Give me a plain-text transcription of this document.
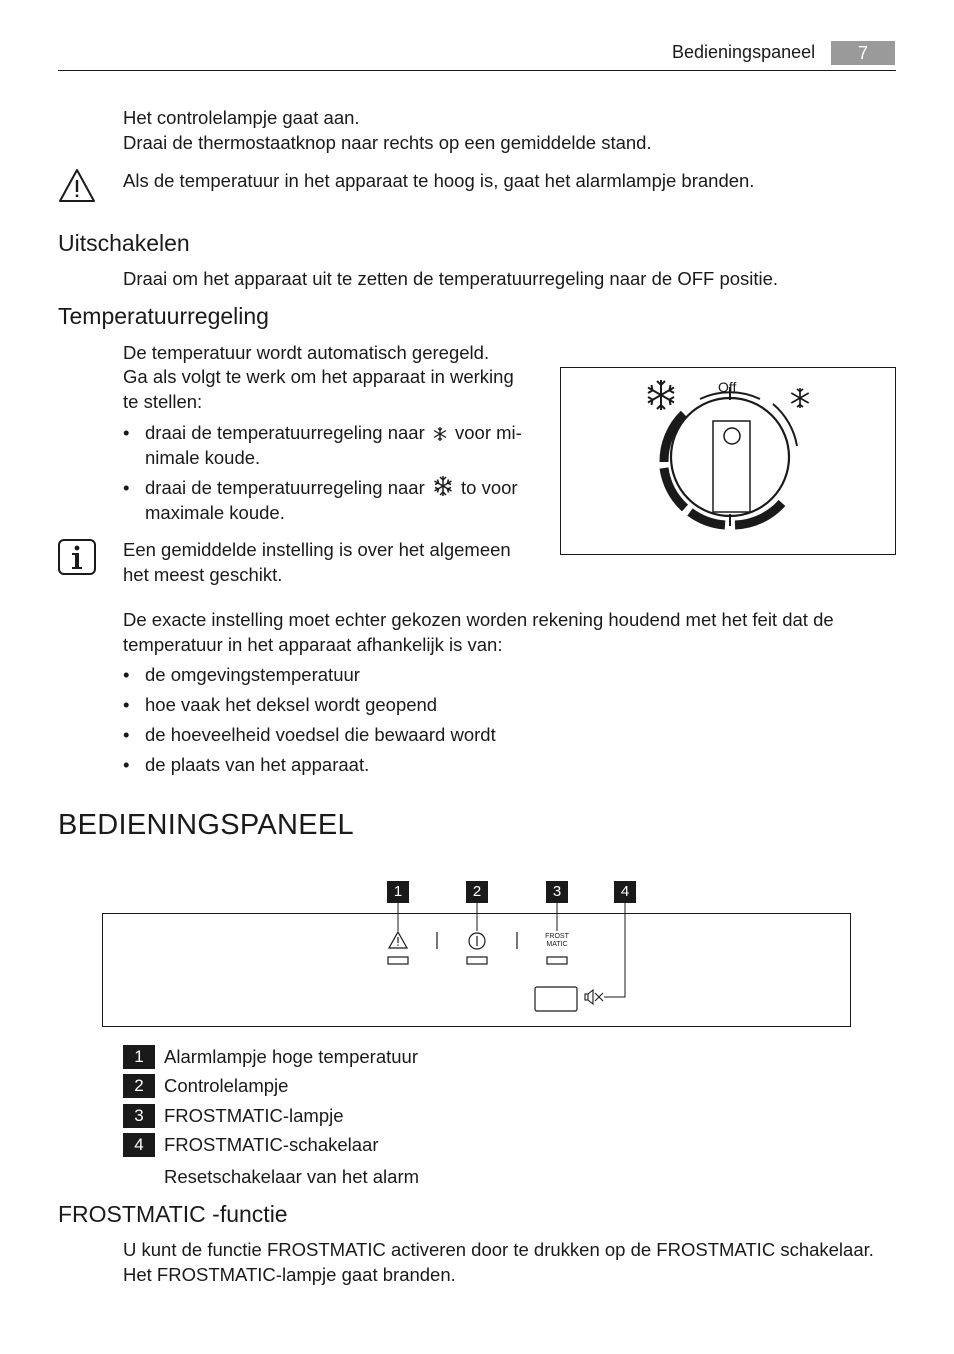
Bedieningspaneel	7
Het controlelampje gaat aan.
Draai de thermostaatknop naar rechts op een gemiddelde stand.
Als de temperatuur in het apparaat te hoog is, gaat het alarmlampje branden.
Uitschakelen
Draai om het apparaat uit te zetten de temperatuurregeling naar de OFF positie.
Temperatuurregeling
De temperatuur wordt automatisch geregeld.
Ga als volgt te werk om het apparaat in werking
te stellen:
• draai de temperatuurregeling naar voor mi-
nimale koude.
• draai de temperatuurregeling naar to voor
maximale koude.
Off
Een gemiddelde instelling is over het algemeen
het meest geschikt.
De exacte instelling moet echter gekozen worden rekening houdend met het feit dat de
temperatuur in het apparaat afhankelijk is van:
• de omgevingstemperatuur
• hoe vaak het deksel wordt geopend
• de hoeveelheid voedsel die bewaard wordt
• de plaats van het apparaat.
BEDIENINGSPANEEL
1	2	3	4
FROST
MATIC
1	Alarmlampje hoge temperatuur
2	Controlelampje
3	FROSTMATIC-lampje
4	FROSTMATIC-schakelaar
Resetschakelaar van het alarm
FROSTMATIC -functie
U kunt de functie FROSTMATIC activeren door te drukken op de FROSTMATIC schakelaar.
Het FROSTMATIC-lampje gaat branden.
